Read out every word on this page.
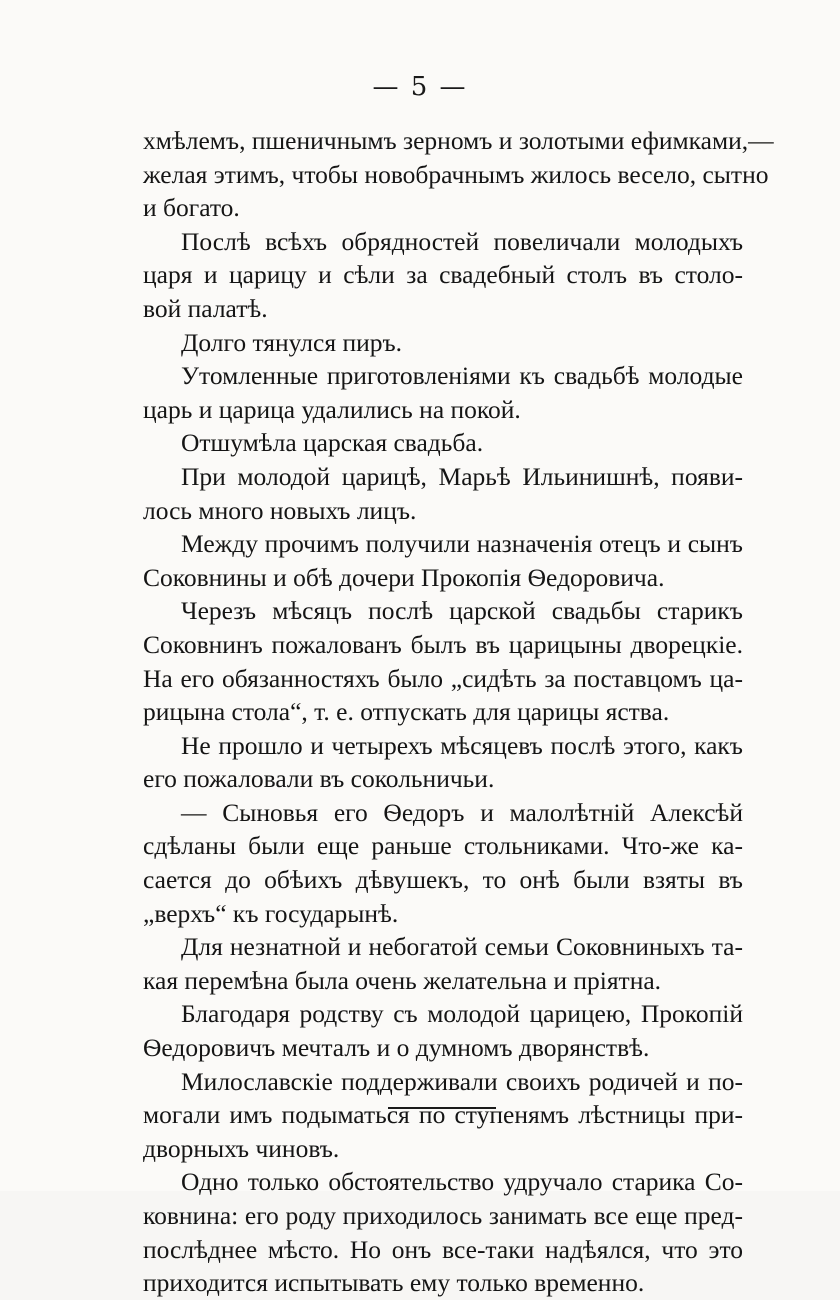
— 5 —
хмѣлемъ, пшеничнымъ зерномъ и золотыми ефимками,—
желая этимъ, чтобы новобрачнымъ жилось весело, сытно
и богато.
Послѣ всѣхъ обрядностей повеличали молодыхъ
царя и царицу и сѣли за свадебный столъ въ столо-
вой палатѣ.
Долго тянулся пиръ.
Утомленные приготовленіями къ свадьбѣ молодые
царь и царица удалились на покой.
Отшумѣла царская свадьба.
При молодой царицѣ, Марьѣ Ильинишнѣ, появи-
лось много новыхъ лицъ.
Между прочимъ получили назначенія отецъ и сынъ
Соковнины и обѣ дочери Прокопія Ѳедоровича.
Черезъ мѣсяцъ послѣ царской свадьбы старикъ
Соковнинъ пожалованъ былъ въ царицыны дворецкіе.
На его обязанностяхъ было „сидѣть за поставцомъ ца-
рицына стола“, т. е. отпускать для царицы яства.
Не прошло и четырехъ мѣсяцевъ послѣ этого, какъ
его пожаловали въ сокольничьи.
— Сыновья его Ѳедоръ и малолѣтній Алексѣй
сдѣланы были еще раньше стольниками. Что-же ка-
сается до обѣихъ дѣвушекъ, то онѣ были взяты въ
„верхъ“ къ государынѣ.
Для незнатной и небогатой семьи Соковниныхъ та-
кая перемѣна была очень желательна и пріятна.
Благодаря родству съ молодой царицею, Прокопій
Ѳедоровичъ мечталъ и о думномъ дворянствѣ.
Милославскіе поддерживали своихъ родичей и по-
могали имъ подыматься по ступенямъ лѣстницы при-
дворныхъ чиновъ.
Одно только обстоятельство удручало старика Со-
ковнина: его роду приходилось занимать все еще пред-
послѣднее мѣсто. Но онъ все-таки надѣялся, что это
приходится испытывать ему только временно.
